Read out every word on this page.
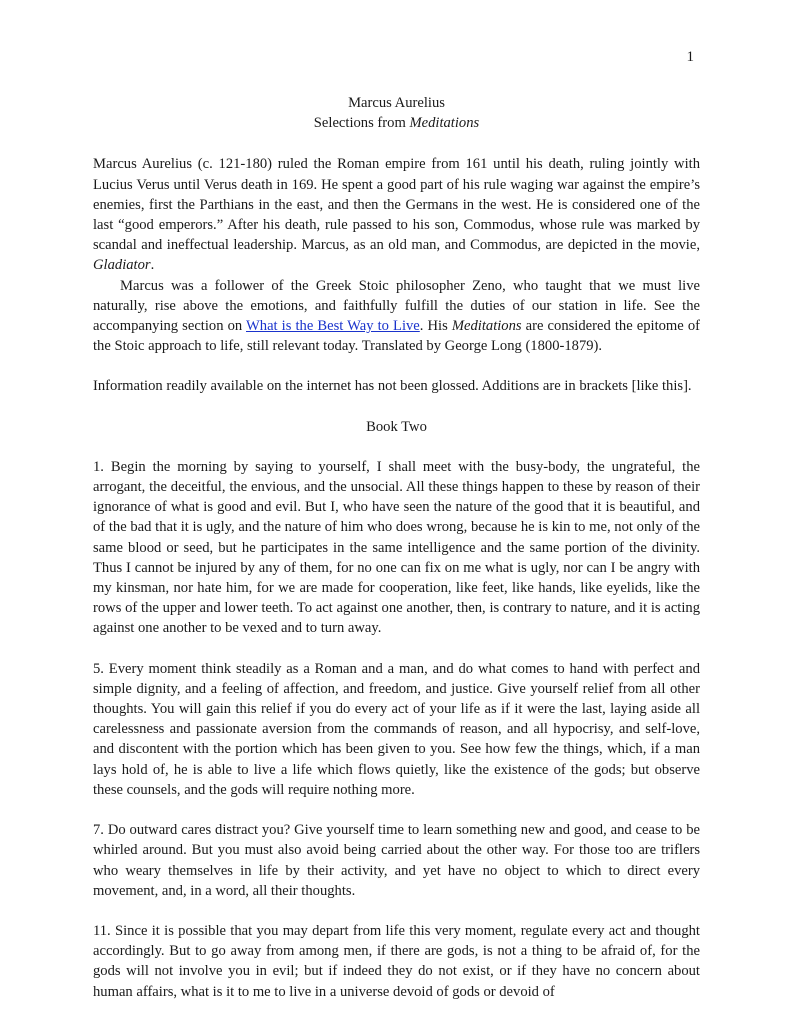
1
Marcus Aurelius
Selections from Meditations

Marcus Aurelius (c. 121-180) ruled the Roman empire from 161 until his death, ruling jointly with Lucius Verus until Verus death in 169. He spent a good part of his rule waging war against the empire’s enemies, first the Parthians in the east, and then the Germans in the west. He is considered one of the last “good emperors.” After his death, rule passed to his son, Commodus, whose rule was marked by scandal and ineffectual leadership. Marcus, as an old man, and Commodus, are depicted in the movie, Gladiator.

Marcus was a follower of the Greek Stoic philosopher Zeno, who taught that we must live naturally, rise above the emotions, and faithfully fulfill the duties of our station in life. See the accompanying section on What is the Best Way to Live. His Meditations are considered the epitome of the Stoic approach to life, still relevant today. Translated by George Long (1800-1879).

Information readily available on the internet has not been glossed. Additions are in brackets [like this].

Book Two

1. Begin the morning by saying to yourself, I shall meet with the busy-body, the ungrateful, the arrogant, the deceitful, the envious, and the unsocial. All these things happen to these by reason of their ignorance of what is good and evil. But I, who have seen the nature of the good that it is beautiful, and of the bad that it is ugly, and the nature of him who does wrong, because he is kin to me, not only of the same blood or seed, but he participates in the same intelligence and the same portion of the divinity. Thus I cannot be injured by any of them, for no one can fix on me what is ugly, nor can I be angry with my kinsman, nor hate him, for we are made for cooperation, like feet, like hands, like eyelids, like the rows of the upper and lower teeth. To act against one another, then, is contrary to nature, and it is acting against one another to be vexed and to turn away.

5. Every moment think steadily as a Roman and a man, and do what comes to hand with perfect and simple dignity, and a feeling of affection, and freedom, and justice. Give yourself relief from all other thoughts. You will gain this relief if you do every act of your life as if it were the last, laying aside all carelessness and passionate aversion from the commands of reason, and all hypocrisy, and self-love, and discontent with the portion which has been given to you. See how few the things, which, if a man lays hold of, he is able to live a life which flows quietly, like the existence of the gods; but observe these counsels, and the gods will require nothing more.

7. Do outward cares distract you? Give yourself time to learn something new and good, and cease to be whirled around. But you must also avoid being carried about the other way. For those too are triflers who weary themselves in life by their activity, and yet have no object to which to direct every movement, and, in a word, all their thoughts.

11. Since it is possible that you may depart from life this very moment, regulate every act and thought accordingly. But to go away from among men, if there are gods, is not a thing to be afraid of, for the gods will not involve you in evil; but if indeed they do not exist, or if they have no concern about human affairs, what is it to me to live in a universe devoid of gods or devoid of
